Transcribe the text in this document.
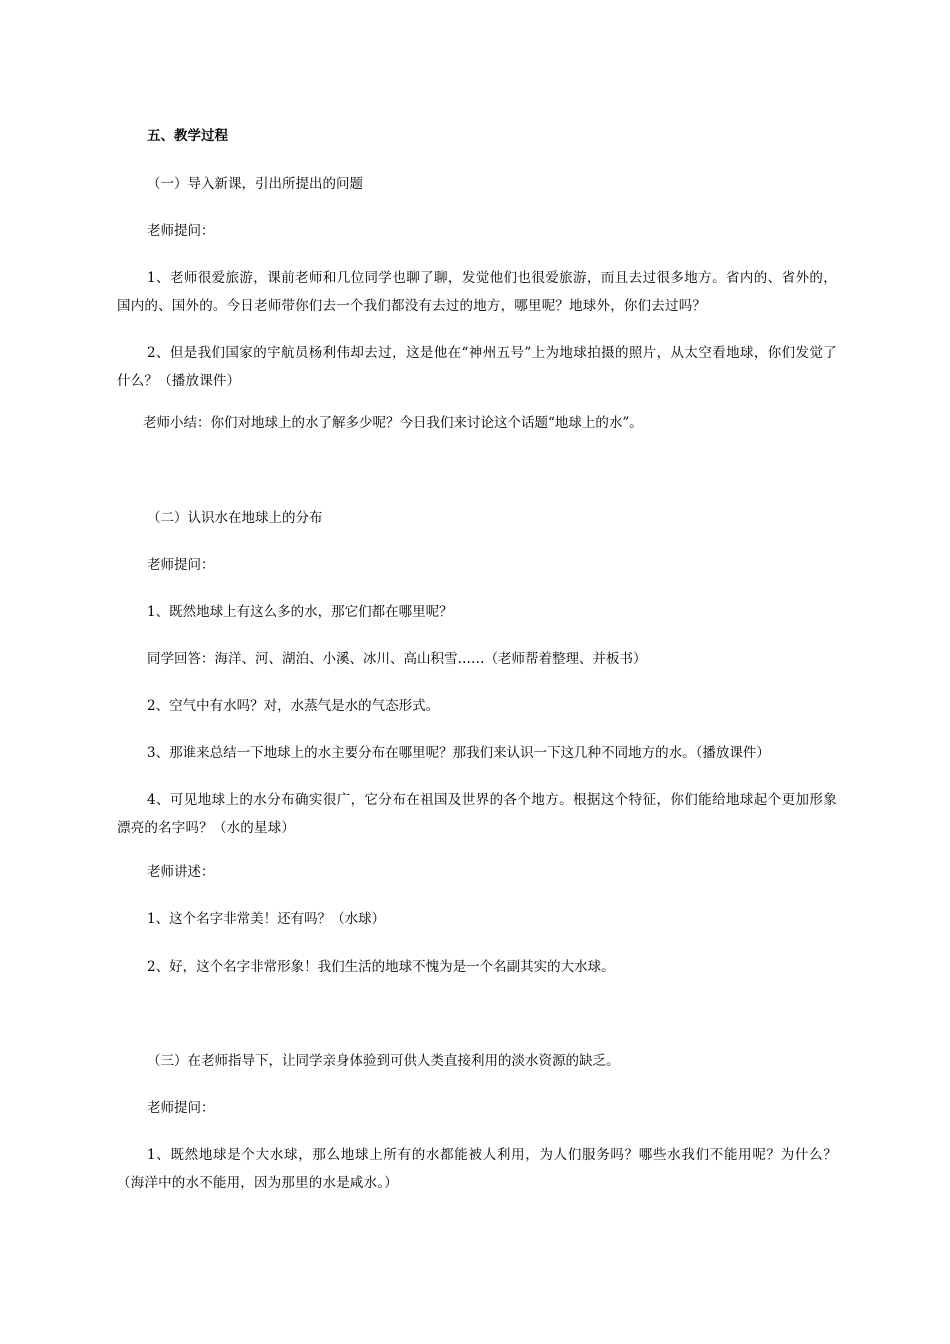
五、教学过程

（一）导入新课，引出所提出的问题

老师提问：

1、老师很爱旅游，课前老师和几位同学也聊了聊，发觉他们也很爱旅游，而且去过很多地方。省内的、省外的，国内的、国外的。今日老师带你们去一个我们都没有去过的地方，哪里呢？地球外，你们去过吗？

2、但是我们国家的宇航员杨利伟却去过，这是他在“神州五号”上为地球拍摄的照片，从太空看地球，你们发觉了什么？（播放课件）

老师小结：你们对地球上的水了解多少呢？今日我们来讨论这个话题“地球上的水”。

（二）认识水在地球上的分布

老师提问：

1、既然地球上有这么多的水，那它们都在哪里呢？

同学回答：海洋、河、湖泊、小溪、冰川、高山积雪……（老师帮着整理、并板书）

2、空气中有水吗？对，水蒸气是水的气态形式。

3、那谁来总结一下地球上的水主要分布在哪里呢？那我们来认识一下这几种不同地方的水。（播放课件）

4、可见地球上的水分布确实很广，它分布在祖国及世界的各个地方。根据这个特征，你们能给地球起个更加形象漂亮的名字吗？（水的星球）

老师讲述：

1、这个名字非常美！还有吗？（水球）

2、好，这个名字非常形象！我们生活的地球不愧为是一个名副其实的大水球。

（三）在老师指导下，让同学亲身体验到可供人类直接利用的淡水资源的缺乏。

老师提问：

1、既然地球是个大水球，那么地球上所有的水都能被人利用，为人们服务吗？哪些水我们不能用呢？为什么？（海洋中的水不能用，因为那里的水是咸水。）
